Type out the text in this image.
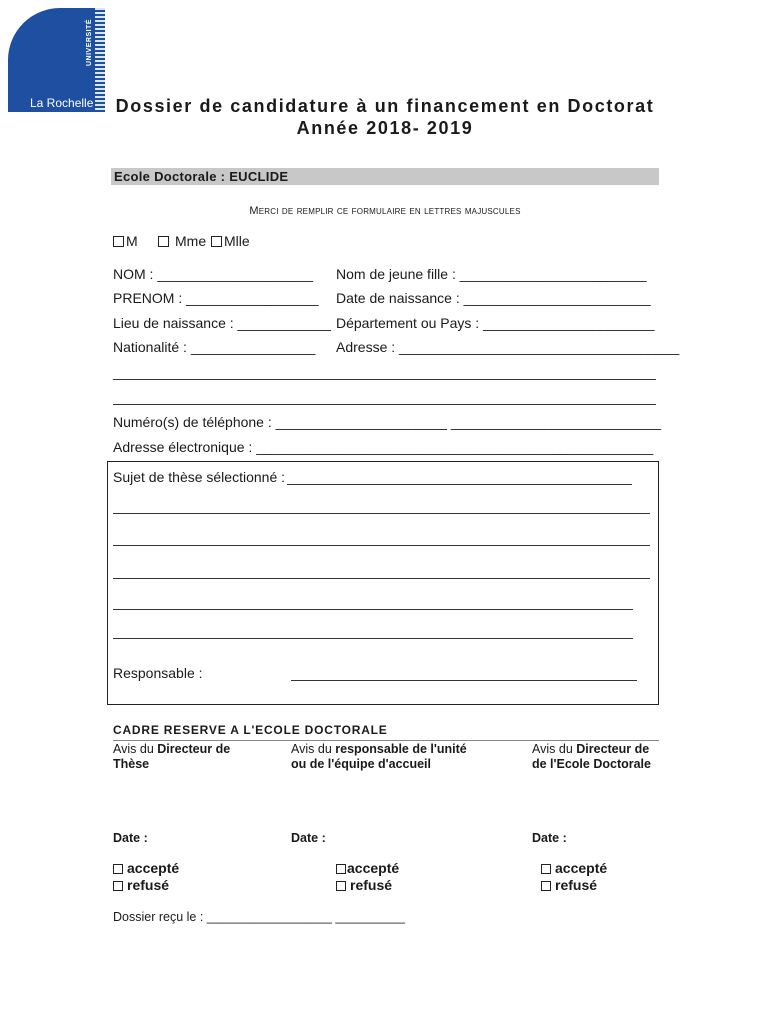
UNIVERSITÉ
La Rochelle	Dossier de candidature à un financement en Doctorat
Année 2018- 2019
Ecole Doctorale : EUCLIDE
Merci de remplir ce formulaire en lettres majuscules
M	Mme Mlle
NOM : ____________________
PRENOM : _________________
Lieu de naissance : ____________
Nationalité : ________________
Nom de jeune fille : ________________________
Date de naissance : ________________________
Département ou Pays : ______________________
Adresse : ____________________________________
_
Numéro(s) de téléphone : ______________________ ___________________________
Adresse électronique : ___________________________________________________
Sujet de thèse sélectionné :
Responsable :
CADRE RESERVE A L'ECOLE DOCTORALE
Avis du Directeur de
Thèse
Date :
accepté
refusé
Avis du responsable de l'unité
ou de l'équipe d'accueil
Date :
accepté
refusé
Avis du Directeur de
de l'Ecole Doctorale
Date :
accepté
refusé
Dossier reçu le : __________________ __________
